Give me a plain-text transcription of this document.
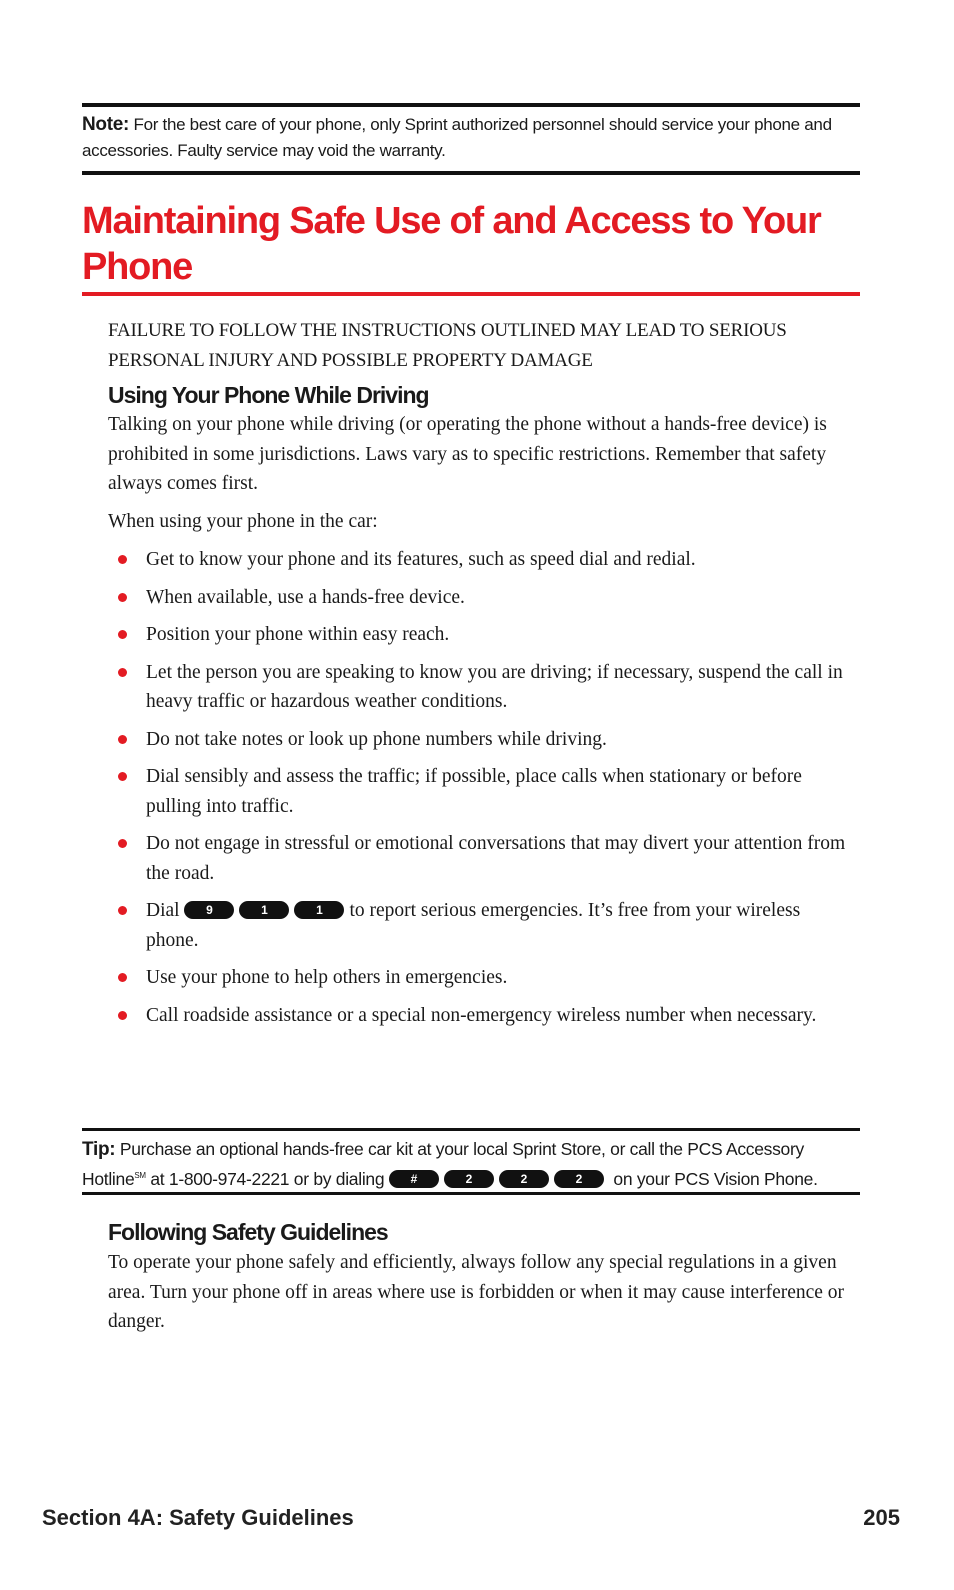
Note: For the best care of your phone, only Sprint authorized personnel should service your phone and accessories. Faulty service may void the warranty.
Maintaining Safe Use of and Access to Your Phone
FAILURE TO FOLLOW THE INSTRUCTIONS OUTLINED MAY LEAD TO SERIOUS PERSONAL INJURY AND POSSIBLE PROPERTY DAMAGE
Using Your Phone While Driving

Talking on your phone while driving (or operating the phone without a hands-free device) is prohibited in some jurisdictions. Laws vary as to specific restrictions. Remember that safety always comes first.

When using your phone in the car:

Get to know your phone and its features, such as speed dial and redial.
When available, use a hands-free device.
Position your phone within easy reach.
Let the person you are speaking to know you are driving; if necessary, suspend the call in heavy traffic or hazardous weather conditions.
Do not take notes or look up phone numbers while driving.
Dial sensibly and assess the traffic; if possible, place calls when stationary or before pulling into traffic.
Do not engage in stressful or emotional conversations that may divert your attention from the road.
Dial 9	1	1 to report serious emergencies. It’s free from your wireless phone.
Use your phone to help others in emergencies.
Call roadside assistance or a special non-emergency wireless number when necessary.
Tip: Purchase an optional hands-free car kit at your local Sprint Store, or call the PCS Accessory Hotline℠ at 1-800-974-2221 or by dialing #	2	2	2 on your PCS Vision Phone.
Following Safety Guidelines

To operate your phone safely and efficiently, always follow any special regulations in a given area. Turn your phone off in areas where use is forbidden or when it may cause interference or danger.

Section 4A: Safety Guidelines	205
